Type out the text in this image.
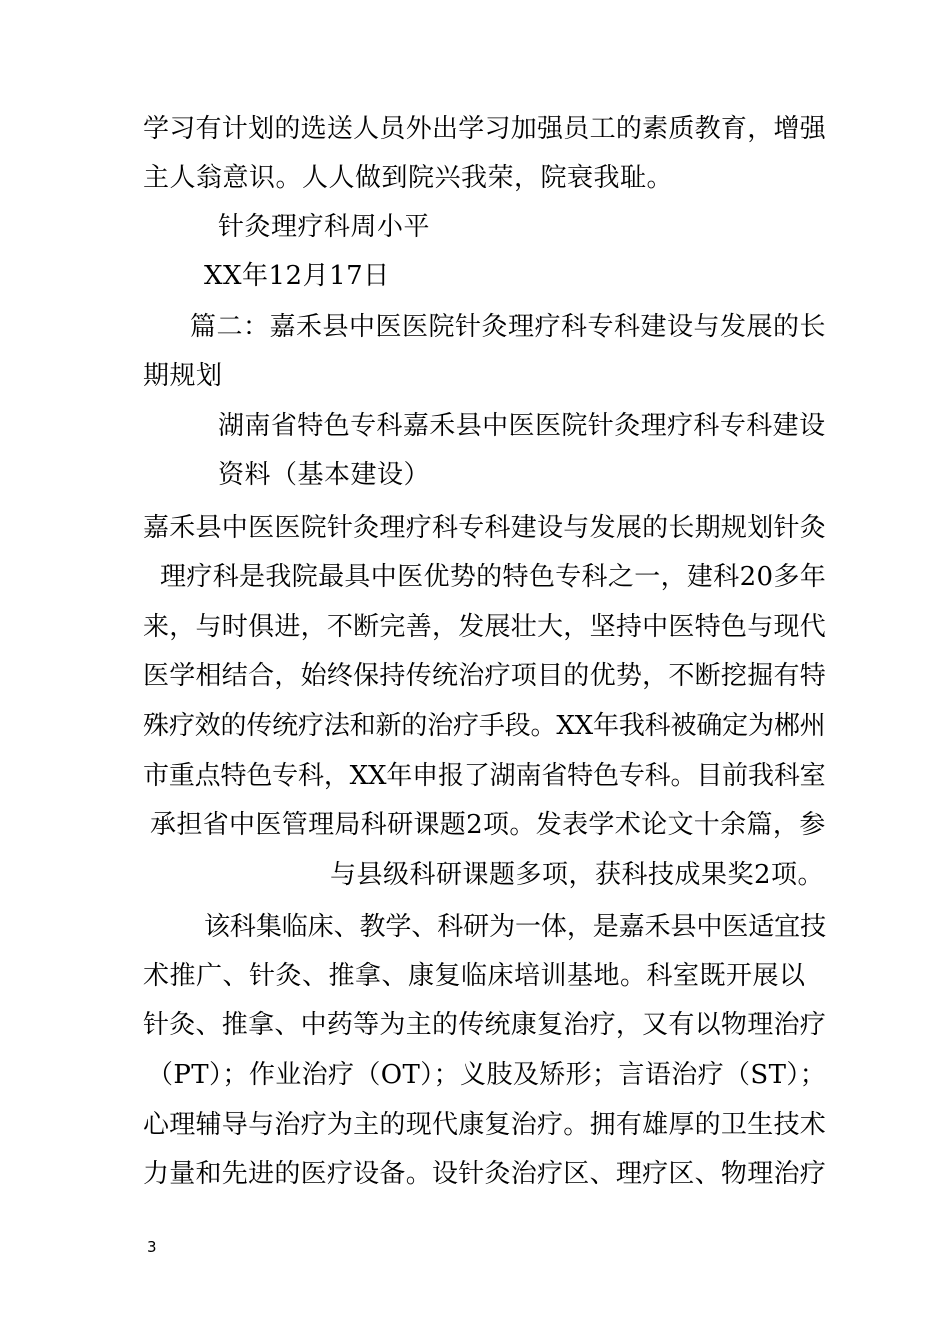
学习有计划的选送人员外出学习加强员工的素质教育，增强
主人翁意识。人人做到院兴我荣，院衰我耻。
针灸理疗科周小平
XX年12月17日
篇二：嘉禾县中医医院针灸理疗科专科建设与发展的长
期规划
湖南省特色专科嘉禾县中医医院针灸理疗科专科建设
资料（基本建设）
嘉禾县中医医院针灸理疗科专科建设与发展的长期规划针灸
理疗科是我院最具中医优势的特色专科之一，建科20多年
来，与时俱进，不断完善，发展壮大，坚持中医特色与现代
医学相结合，始终保持传统治疗项目的优势，不断挖掘有特
殊疗效的传统疗法和新的治疗手段。XX年我科被确定为郴州
市重点特色专科，XX年申报了湖南省特色专科。目前我科室
承担省中医管理局科研课题2项。发表学术论文十余篇，参
与县级科研课题多项，获科技成果奖2项。
该科集临床、教学、科研为一体，是嘉禾县中医适宜技
术推广、针灸、推拿、康复临床培训基地。科室既开展以
针灸、推拿、中药等为主的传统康复治疗，又有以物理治疗
（PT）；作业治疗（OT）；义肢及矫形；言语治疗（ST）；
心理辅导与治疗为主的现代康复治疗。拥有雄厚的卫生技术
力量和先进的医疗设备。设针灸治疗区、理疗区、物理治疗
3
